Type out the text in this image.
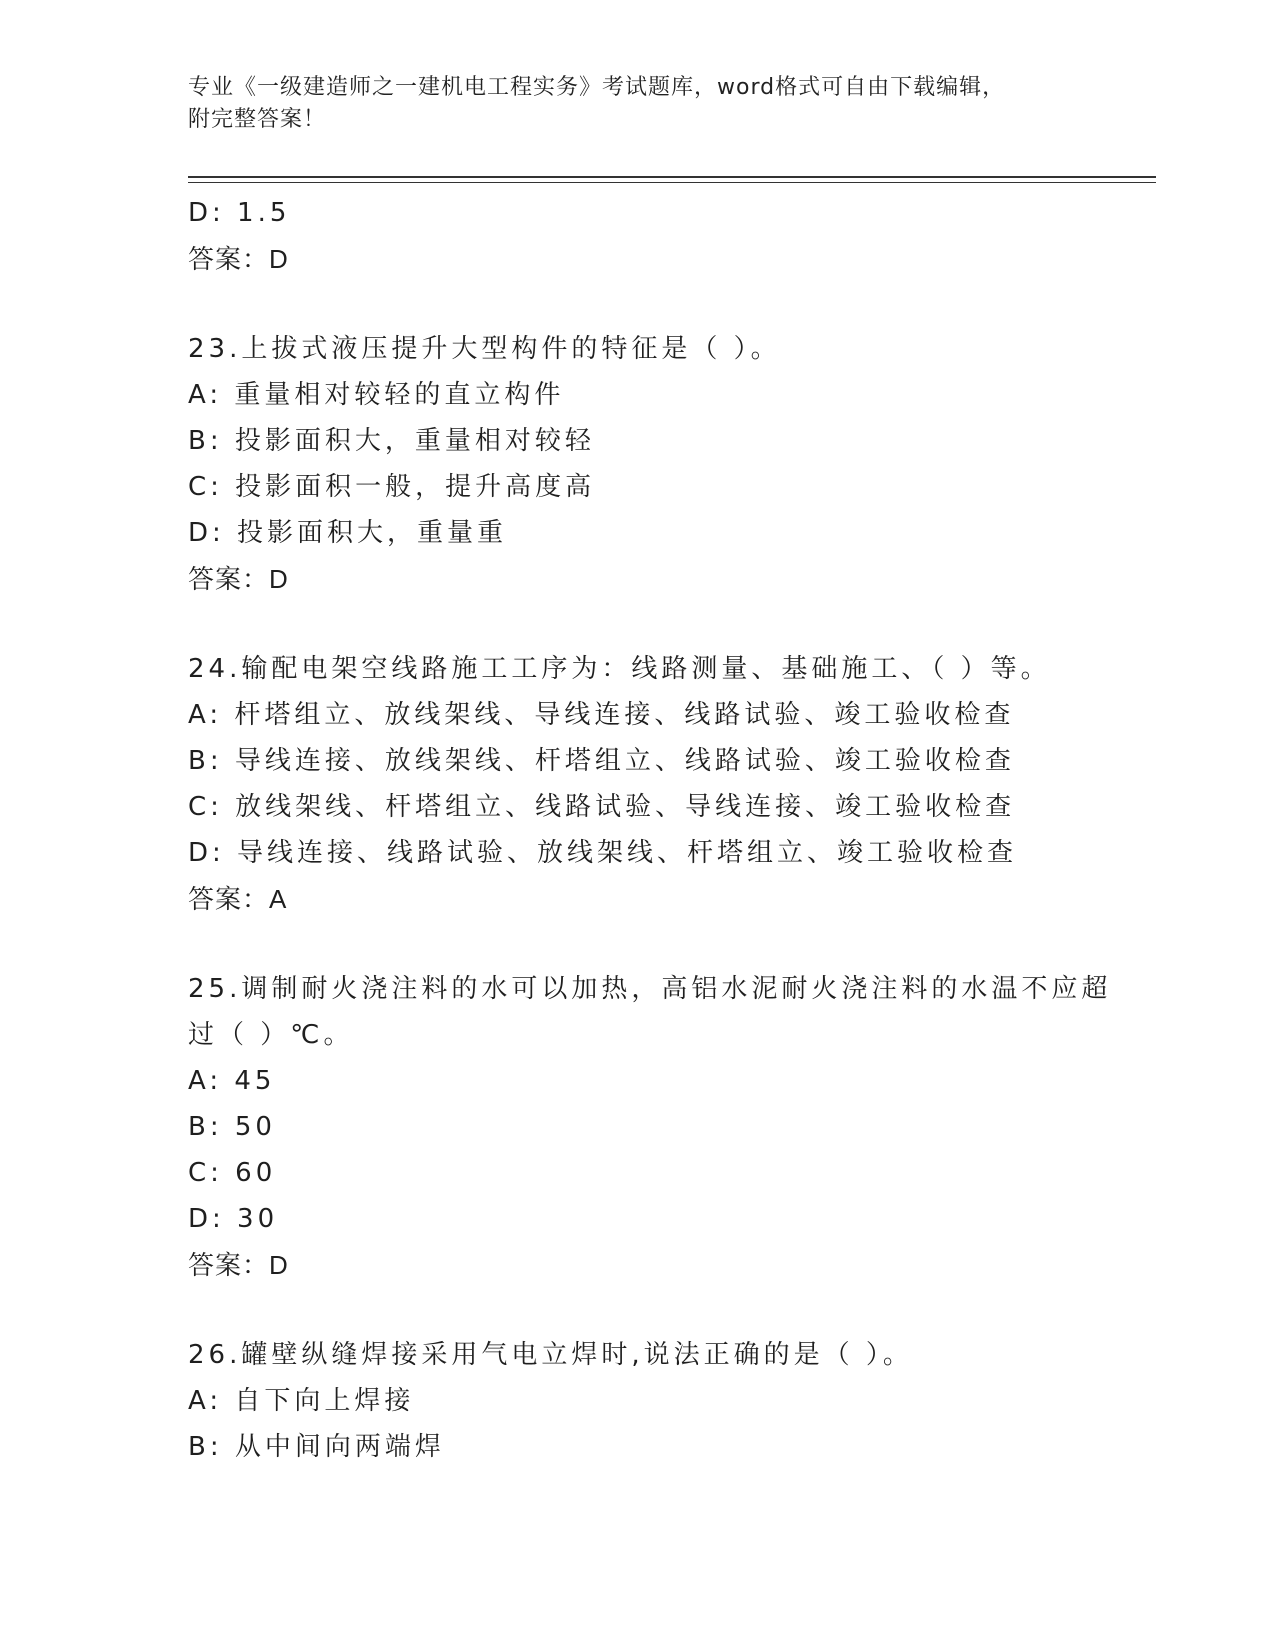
专业《一级建造师之一建机电工程实务》考试题库，word格式可自由下载编辑，
附完整答案！
D: 1.5
答案：D
23.上拔式液压提升大型构件的特征是（ ）。
A: 重量相对较轻的直立构件
B: 投影面积大，重量相对较轻
C: 投影面积一般，提升高度高
D: 投影面积大，重量重
答案：D
24.输配电架空线路施工工序为：线路测量、基础施工、（ ）等。
A: 杆塔组立、放线架线、导线连接、线路试验、竣工验收检查
B: 导线连接、放线架线、杆塔组立、线路试验、竣工验收检查
C: 放线架线、杆塔组立、线路试验、导线连接、竣工验收检查
D: 导线连接、线路试验、放线架线、杆塔组立、竣工验收检查
答案：A
25.调制耐火浇注料的水可以加热，高铝水泥耐火浇注料的水温不应超
过（ ）℃。
A: 45
B: 50
C: 60
D: 30
答案：D
26.罐壁纵缝焊接采用气电立焊时,说法正确的是（ ）。
A: 自下向上焊接
B: 从中间向两端焊
